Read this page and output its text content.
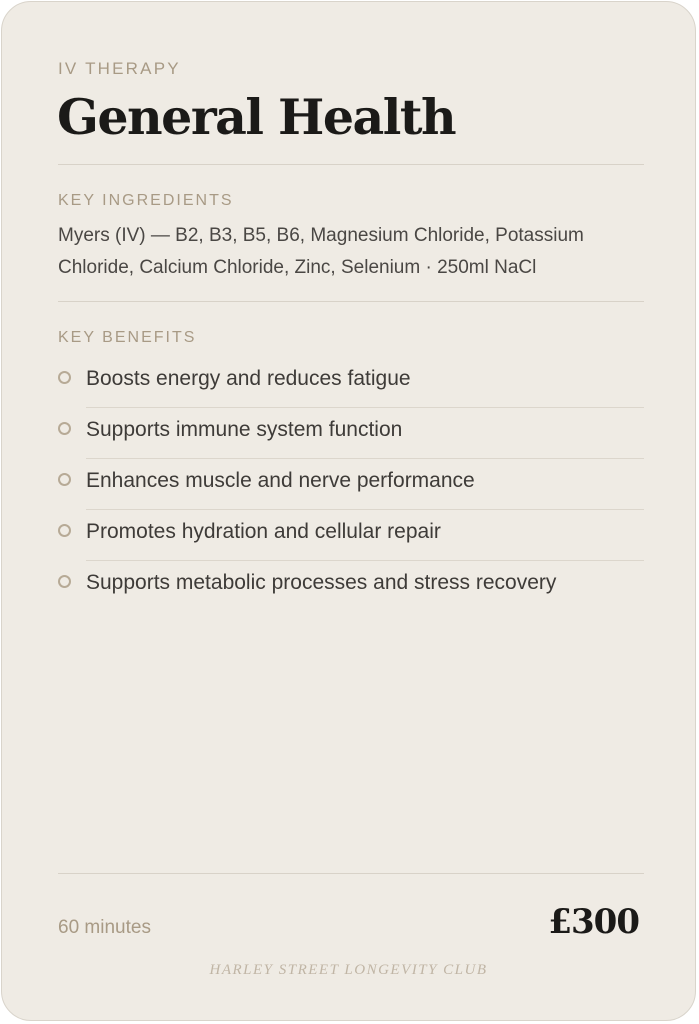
IV THERAPY
General Health
KEY INGREDIENTS

Myers (IV) — B2, B3, B5, B6, Magnesium Chloride, Potassium Chloride, Calcium Chloride, Zinc, Selenium · 250ml NaCl

KEY BENEFITS
Boosts energy and reduces fatigue
Supports immune system function
Enhances muscle and nerve performance
Promotes hydration and cellular repair
Supports metabolic processes and stress recovery
60 minutes	£300
HARLEY STREET LONGEVITY CLUB
